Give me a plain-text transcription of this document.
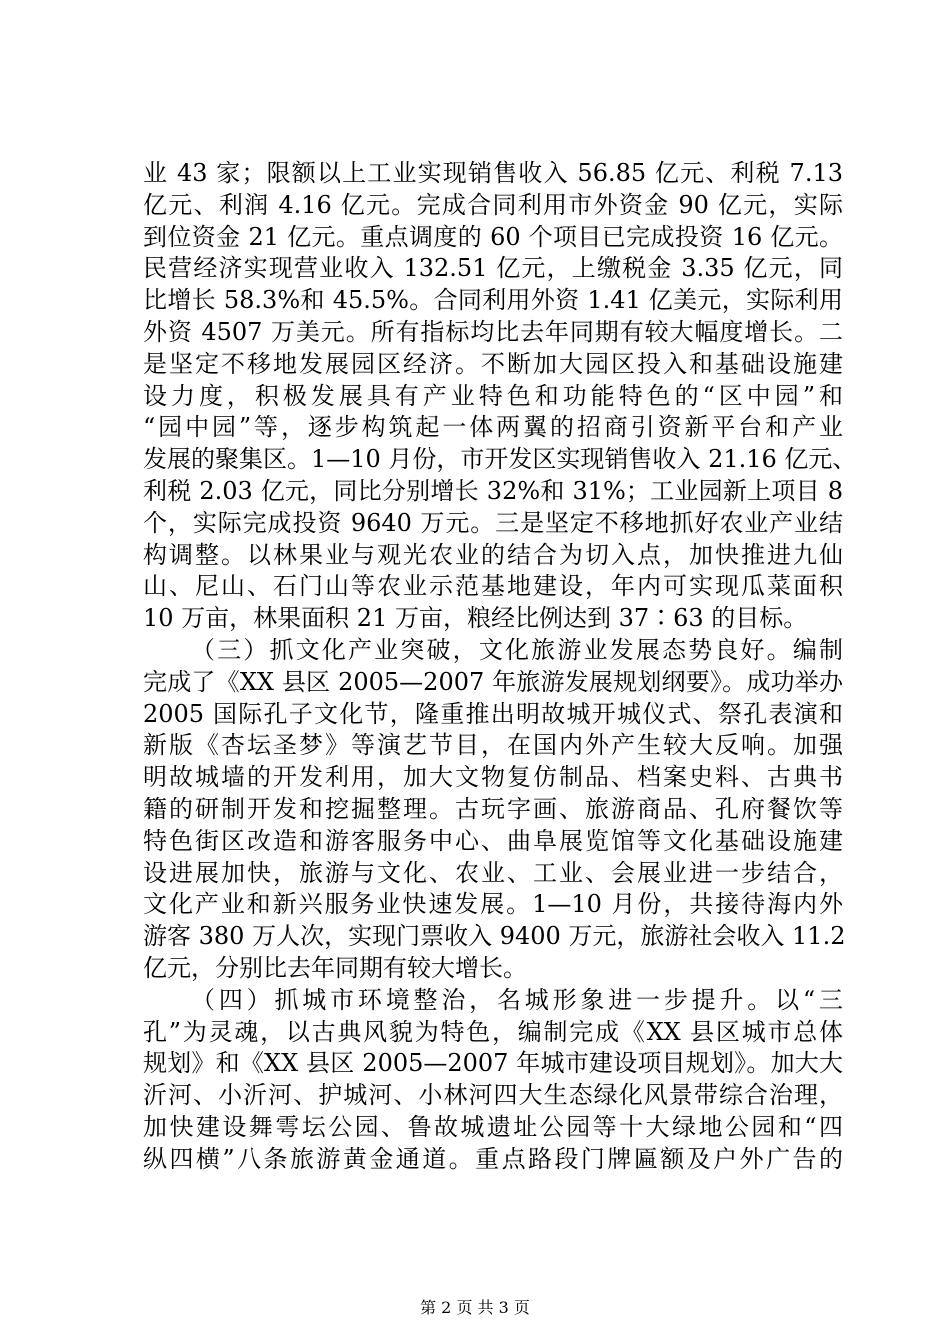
业 43 家；限额以上工业实现销售收入 56.85 亿元、利税 7.13
亿元、利润 4.16 亿元。完成合同利用市外资金 90 亿元，实际
到位资金 21 亿元。重点调度的 60 个项目已完成投资 16 亿元。
民营经济实现营业收入 132.51 亿元，上缴税金 3.35 亿元，同
比增长 58.3%和 45.5%。合同利用外资 1.41 亿美元，实际利用
外资 4507 万美元。所有指标均比去年同期有较大幅度增长。二
是坚定不移地发展园区经济。不断加大园区投入和基础设施建
设力度，积极发展具有产业特色和功能特色的“区中园”和
“园中园”等，逐步构筑起一体两翼的招商引资新平台和产业
发展的聚集区。1—10 月份，市开发区实现销售收入 21.16 亿元、
利税 2.03 亿元，同比分别增长 32%和 31%；工业园新上项目 8
个，实际完成投资 9640 万元。三是坚定不移地抓好农业产业结
构调整。以林果业与观光农业的结合为切入点，加快推进九仙
山、尼山、石门山等农业示范基地建设，年内可实现瓜菜面积
10 万亩，林果面积 21 万亩，粮经比例达到 37∶63 的目标。
（三）抓文化产业突破，文化旅游业发展态势良好。编制
完成了《XX 县区 2005—2007 年旅游发展规划纲要》。成功举办
2005 国际孔子文化节，隆重推出明故城开城仪式、祭孔表演和
新版《杏坛圣梦》等演艺节目，在国内外产生较大反响。加强
明故城墙的开发利用，加大文物复仿制品、档案史料、古典书
籍的研制开发和挖掘整理。古玩字画、旅游商品、孔府餐饮等
特色街区改造和游客服务中心、曲阜展览馆等文化基础设施建
设进展加快，旅游与文化、农业、工业、会展业进一步结合，
文化产业和新兴服务业快速发展。1—10 月份，共接待海内外
游客 380 万人次，实现门票收入 9400 万元，旅游社会收入 11.2
亿元，分别比去年同期有较大增长。
（四）抓城市环境整治，名城形象进一步提升。以“三
孔”为灵魂，以古典风貌为特色，编制完成《XX 县区城市总体
规划》和《XX 县区 2005—2007 年城市建设项目规划》。加大大
沂河、小沂河、护城河、小林河四大生态绿化风景带综合治理，
加快建设舞雩坛公园、鲁故城遗址公园等十大绿地公园和“四
纵四横”八条旅游黄金通道。重点路段门牌匾额及户外广告的
第 2 页 共 3 页
